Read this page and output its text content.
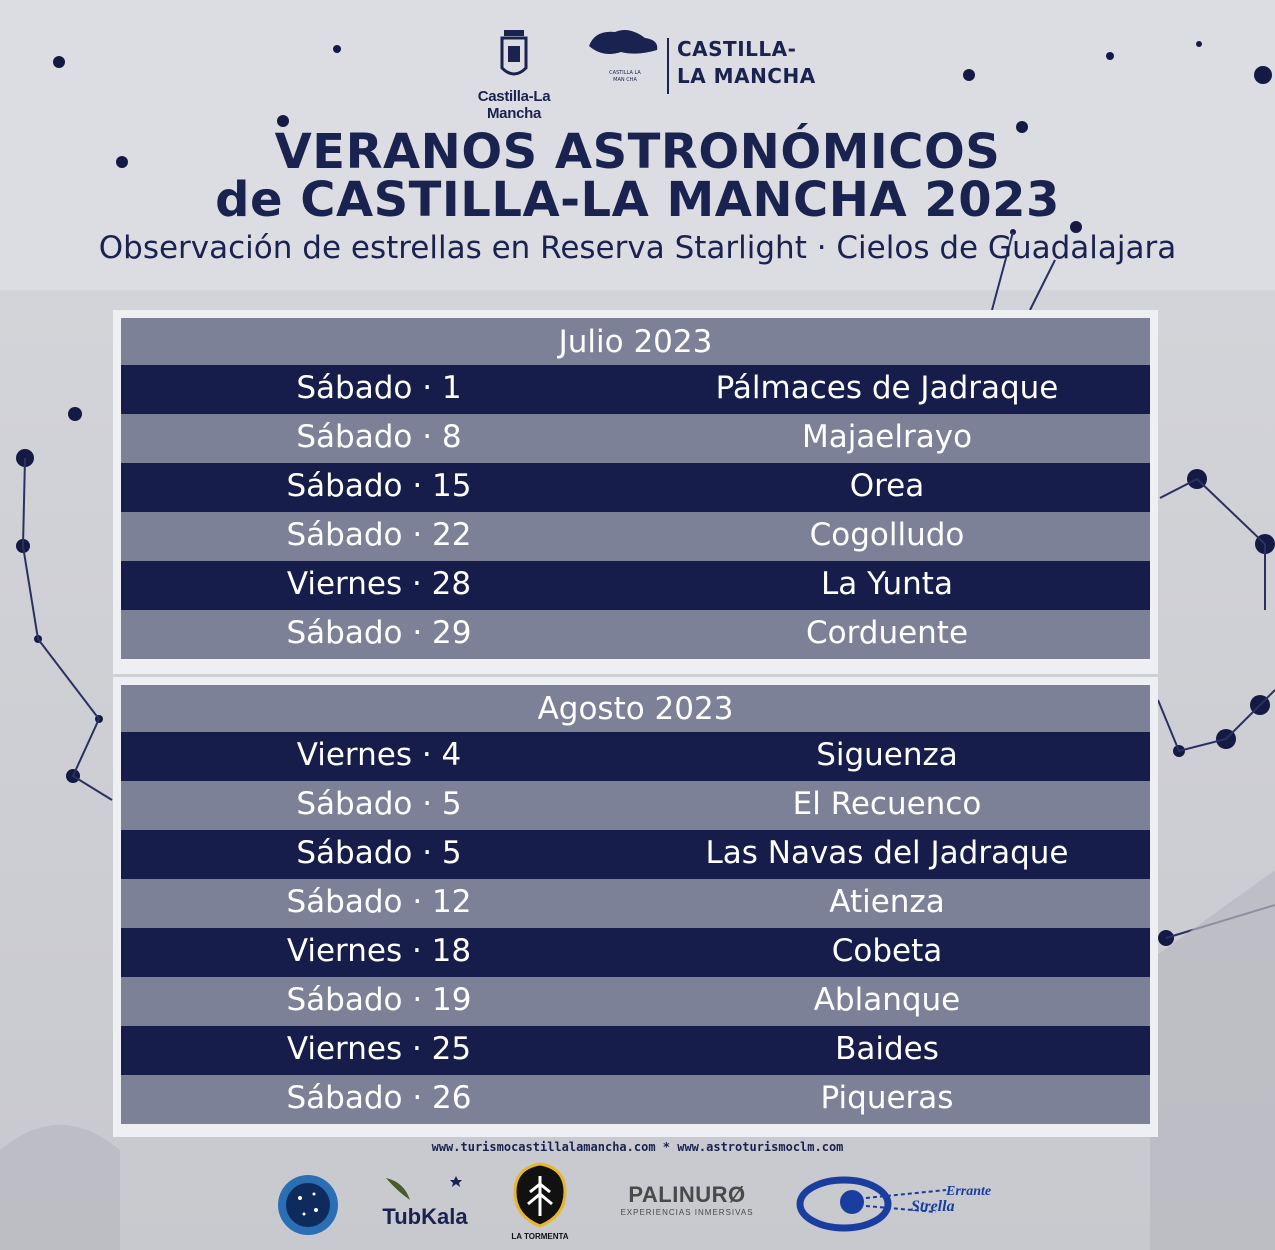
Castilla-La Mancha
CASTILLA LA MAN CHA
CASTILLA-
LA MANCHA
VERANOS ASTRONÓMICOS
de CASTILLA-LA MANCHA 2023
Observación de estrellas en Reserva Starlight · Cielos de Guadalajara
Julio 2023
Sábado · 1	Pálmaces de Jadraque
Sábado · 8	Majaelrayo
Sábado · 15	Orea
Sábado · 22	Cogolludo
Viernes · 28	La Yunta
Sábado · 29	Corduente
Agosto 2023
Viernes · 4	Siguenza
Sábado · 5	El Recuenco
Sábado · 5	Las Navas del Jadraque
Sábado · 12	Atienza
Viernes · 18	Cobeta
Sábado · 19	Ablanque
Viernes · 25	Baides
Sábado · 26	Piqueras
www.turismocastillalamancha.com * www.astroturismoclm.com
TubKala
LA TORMENTA
PALINURØ
EXPERIENCIAS INMERSIVAS
Errante
Strella
